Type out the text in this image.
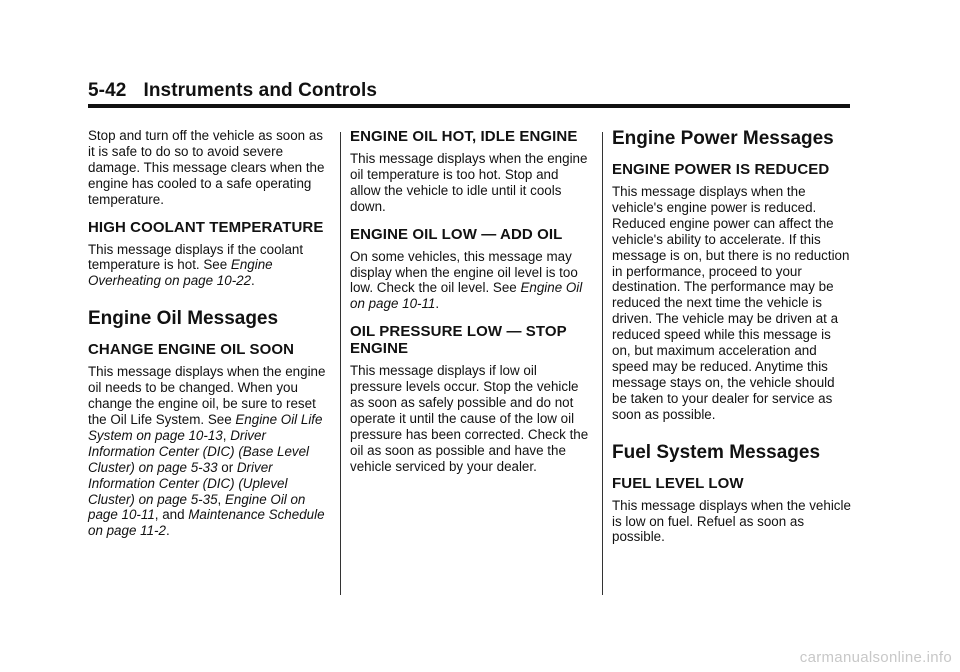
5-42 Instruments and Controls

Stop and turn off the vehicle as soon as it is safe to do so to avoid severe damage. This message clears when the engine has cooled to a safe operating temperature.

HIGH COOLANT TEMPERATURE

This message displays if the coolant temperature is hot. See Engine Overheating on page 10-22.

Engine Oil Messages
CHANGE ENGINE OIL SOON

This message displays when the engine oil needs to be changed. When you change the engine oil, be sure to reset the Oil Life System. See Engine Oil Life System on page 10-13, Driver Information Center (DIC) (Base Level Cluster) on page 5-33 or Driver Information Center (DIC) (Uplevel Cluster) on page 5-35, Engine Oil on page 10-11, and Maintenance Schedule on page 11-2.

ENGINE OIL HOT, IDLE ENGINE

This message displays when the engine oil temperature is too hot. Stop and allow the vehicle to idle until it cools down.

ENGINE OIL LOW — ADD OIL

On some vehicles, this message may display when the engine oil level is too low. Check the oil level. See Engine Oil on page 10-11.

OIL PRESSURE LOW — STOP ENGINE

This message displays if low oil pressure levels occur. Stop the vehicle as soon as safely possible and do not operate it until the cause of the low oil pressure has been corrected. Check the oil as soon as possible and have the vehicle serviced by your dealer.

Engine Power Messages
ENGINE POWER IS REDUCED

This message displays when the vehicle's engine power is reduced. Reduced engine power can affect the vehicle's ability to accelerate. If this message is on, but there is no reduction in performance, proceed to your destination. The performance may be reduced the next time the vehicle is driven. The vehicle may be driven at a reduced speed while this message is on, but maximum acceleration and speed may be reduced. Anytime this message stays on, the vehicle should be taken to your dealer for service as soon as possible.

Fuel System Messages
FUEL LEVEL LOW

This message displays when the vehicle is low on fuel. Refuel as soon as possible.

carmanualsonline.info
